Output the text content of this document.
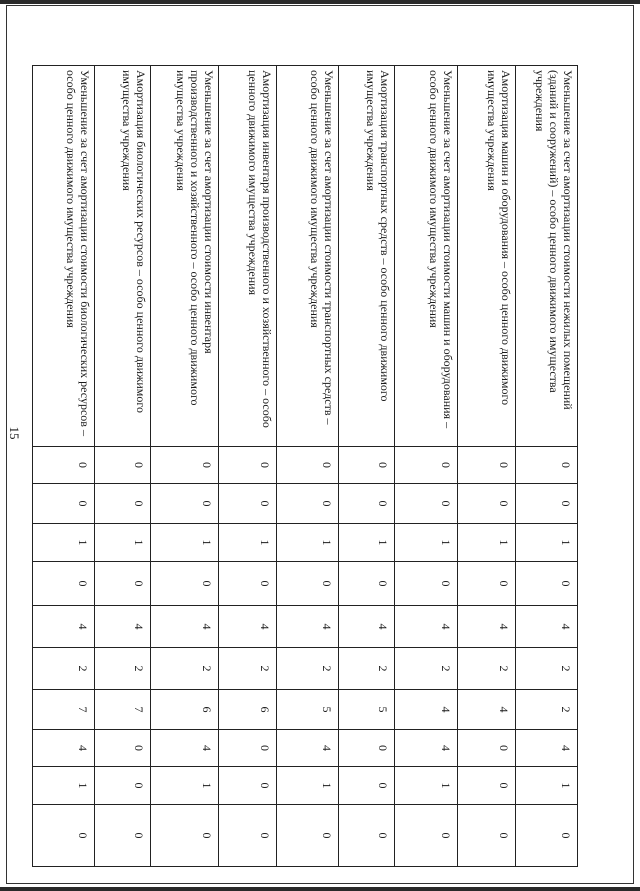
15
Уменьшение за счет амортизации стоимости нежилых помещений (зданий и сооружений) – особо ценного движимого имущества учреждения	0	0	1	0	4	2	2	4	1	0
Амортизация машин и оборудования – особо ценного движимого имущества учреждения	0	0	1	0	4	2	4	0	0	0
Уменьшение за счет амортизации стоимости машин и оборудования – особо ценного движимого имущества учреждения	0	0	1	0	4	2	4	4	1	0
Амортизация транспортных средств – особо ценного движимого имущества учреждения	0	0	1	0	4	2	5	0	0	0
Уменьшение за счет амортизации стоимости транспортных средств – особо ценного движимого имущества учреждения	0	0	1	0	4	2	5	4	1	0
Амортизация инвентаря производственного и хозяйственного – особо ценного движимого имущества учреждения	0	0	1	0	4	2	6	0	0	0
Уменьшение за счет амортизации стоимости инвентаря производственного и хозяйственного – особо ценного движимого имущества учреждения	0	0	1	0	4	2	6	4	1	0
Амортизация биологических ресурсов – особо ценного движимого имущества учреждения	0	0	1	0	4	2	7	0	0	0
Уменьшение за счет амортизации стоимости биологических ресурсов – особо ценного движимого имущества учреждения	0	0	1	0	4	2	7	4	1	0
